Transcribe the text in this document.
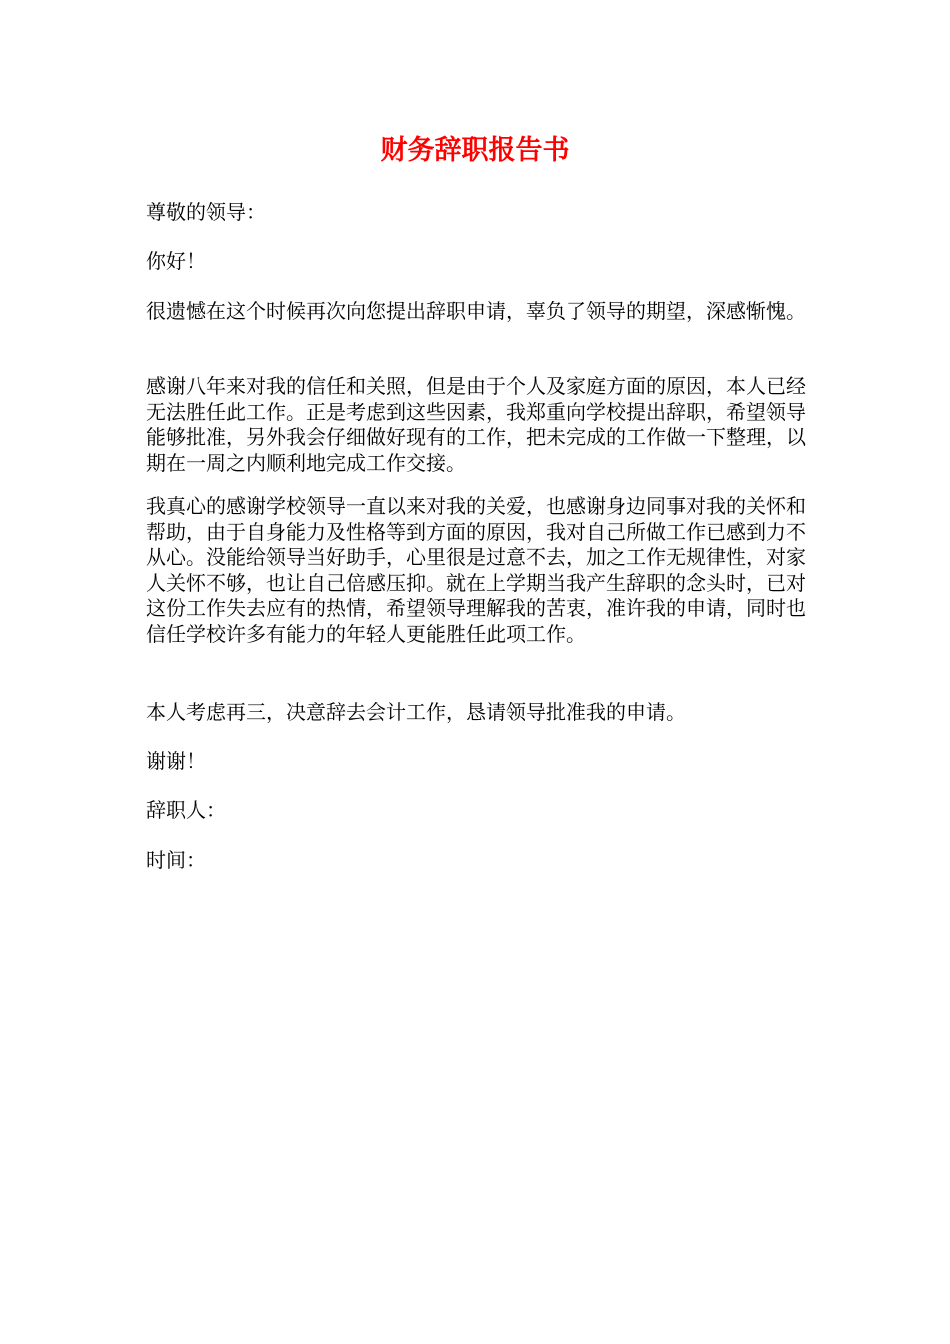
财务辞职报告书

尊敬的领导：

你好！

很遗憾在这个时候再次向您提出辞职申请，辜负了领导的期望，深感惭愧。

感谢八年来对我的信任和关照，但是由于个人及家庭方面的原因，本人已经无法胜任此工作。正是考虑到这些因素，我郑重向学校提出辞职，希望领导能够批准，另外我会仔细做好现有的工作，把未完成的工作做一下整理，以期在一周之内顺利地完成工作交接。

我真心的感谢学校领导一直以来对我的关爱，也感谢身边同事对我的关怀和帮助，由于自身能力及性格等到方面的原因，我对自己所做工作已感到力不从心。没能给领导当好助手，心里很是过意不去，加之工作无规律性，对家人关怀不够，也让自己倍感压抑。就在上学期当我产生辞职的念头时，已对这份工作失去应有的热情，希望领导理解我的苦衷，准许我的申请，同时也信任学校许多有能力的年轻人更能胜任此项工作。

本人考虑再三，决意辞去会计工作，恳请领导批准我的申请。

谢谢！

辞职人：

时间：
